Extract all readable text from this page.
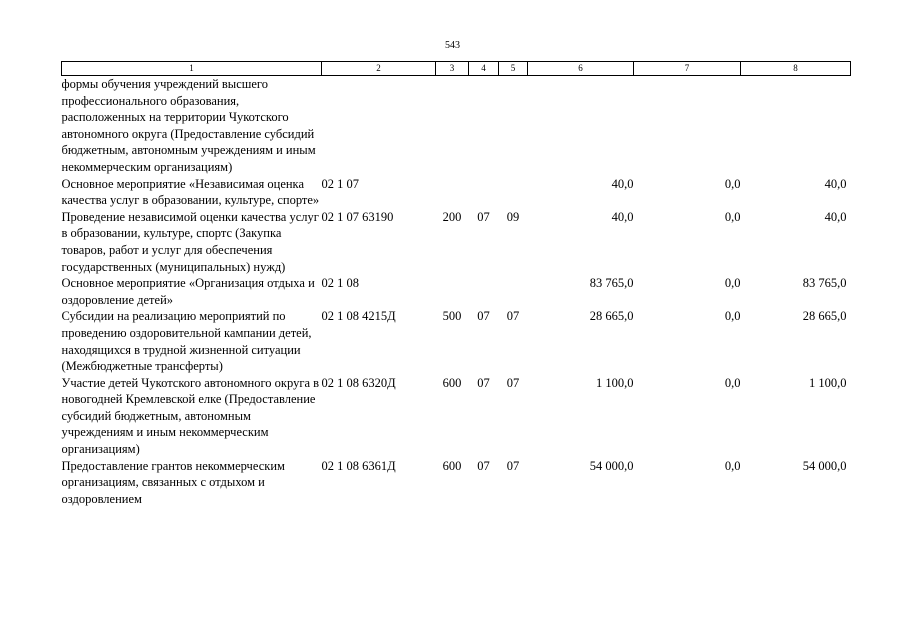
543
1	2	3	4	5	6	7	8
формы обучения учреждений высшего профессионального образования, расположенных на территории Чукотского автономного округа (Предоставление субсидий бюджетным, автономным учреждениям и иным некоммерческим организациям)							
Основное мероприятие «Независимая оценка качества услуг в образовании, культуре, спорте»	02 1 07				40,0	0,0	40,0
Проведение независимой оценки качества услуг в образовании, культуре, спортс (Закупка товаров, работ и услуг для обеспечения государственных (муниципальных) нужд)	02 1 07 63190	200	07	09	40,0	0,0	40,0
Основное мероприятие «Организация отдыха и оздоровление детей»	02 1 08				83 765,0	0,0	83 765,0
Субсидии на реализацию мероприятий по проведению оздоровительной кампании детей, находящихся в трудной жизненной ситуации (Межбюджетные трансферты)	02 1 08 4215Д	500	07	07	28 665,0	0,0	28 665,0
Участие детей Чукотского автономного округа в новогодней Кремлевской елке (Предоставление субсидий бюджетным, автономным учреждениям и иным некоммерческим организациям)	02 1 08 6320Д	600	07	07	1 100,0	0,0	1 100,0
Предоставление грантов некоммерческим организациям, связанных с отдыхом и оздоровлением	02 1 08 6361Д	600	07	07	54 000,0	0,0	54 000,0
